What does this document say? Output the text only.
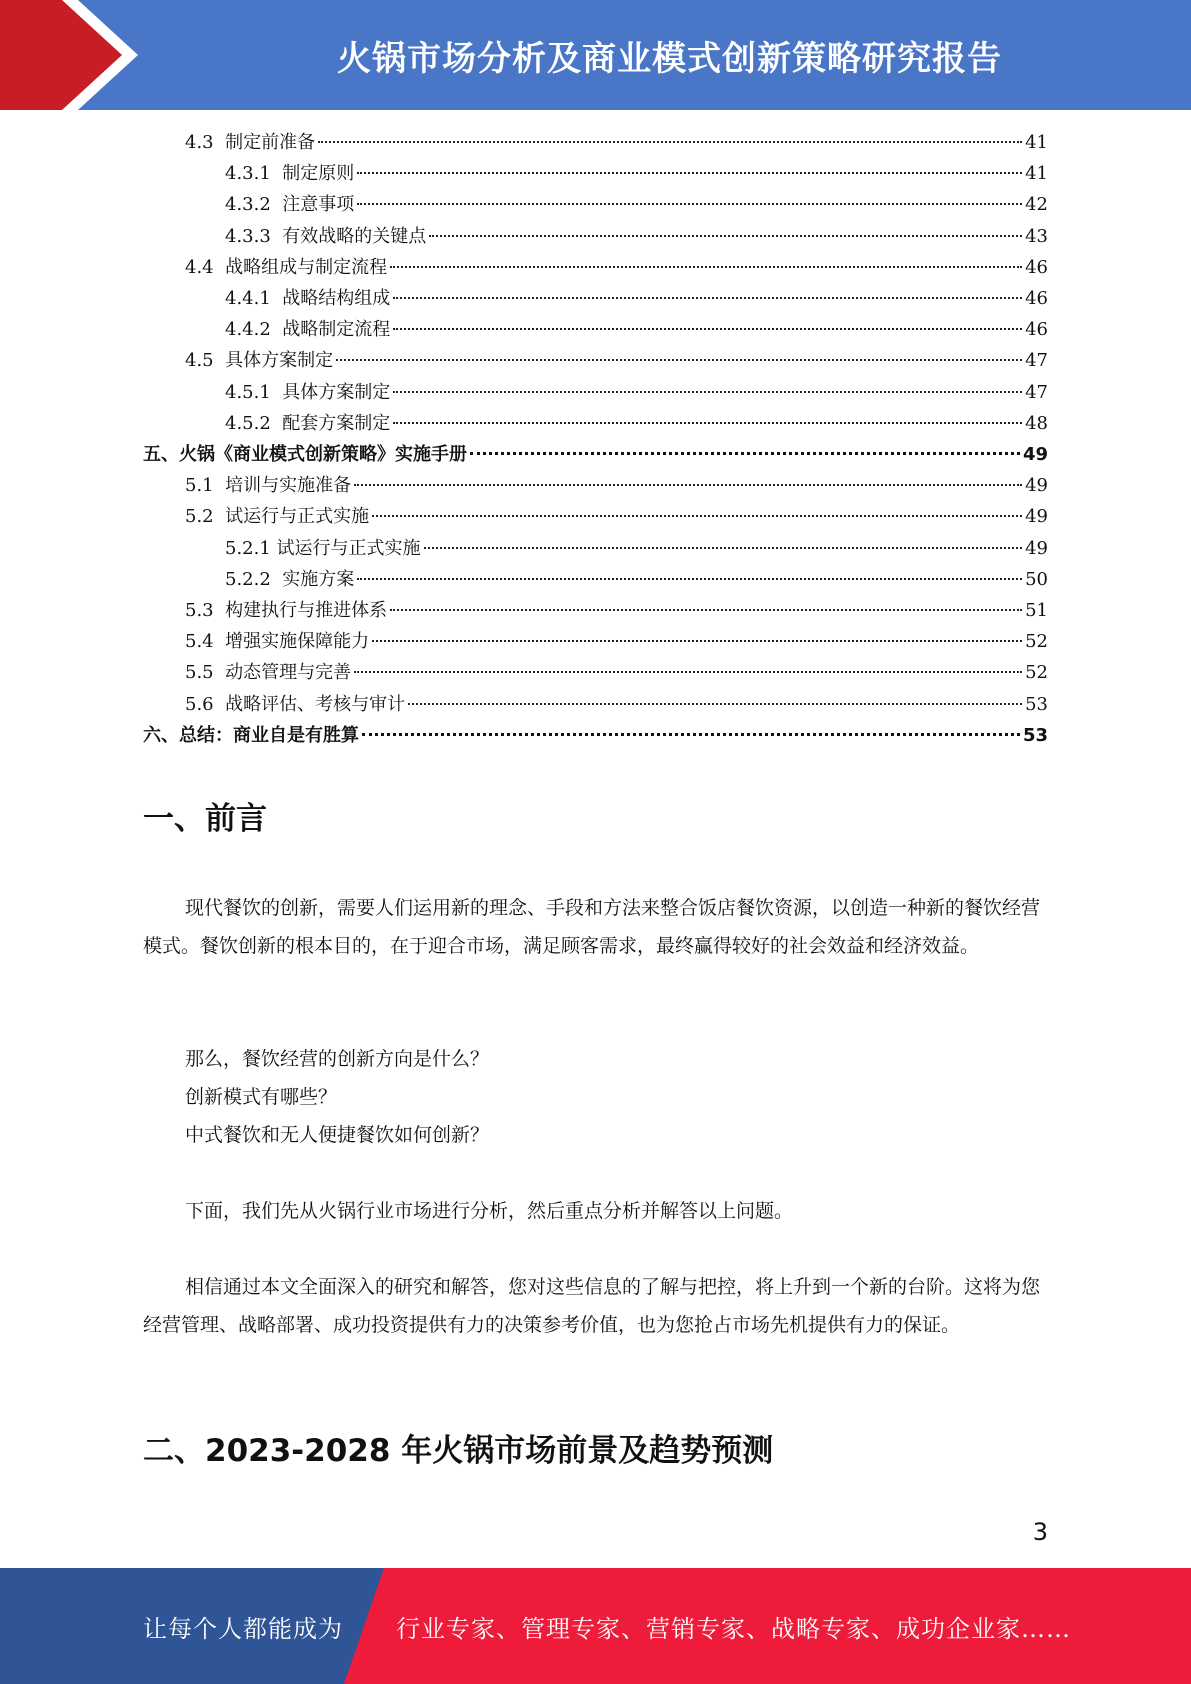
火锅市场分析及商业模式创新策略研究报告
4.3 制定前准备	41
4.3.1 制定原则	41
4.3.2 注意事项	42
4.3.3 有效战略的关键点	43
4.4 战略组成与制定流程	46
4.4.1 战略结构组成	46
4.4.2 战略制定流程	46
4.5 具体方案制定	47
4.5.1 具体方案制定	47
4.5.2 配套方案制定	48
五、火锅《商业模式创新策略》实施手册	49
5.1 培训与实施准备	49
5.2 试运行与正式实施	49
5.2.1 试运行与正式实施	49
5.2.2 实施方案	50
5.3 构建执行与推进体系	51
5.4 增强实施保障能力	52
5.5 动态管理与完善	52
5.6 战略评估、考核与审计	53
六、总结：商业自是有胜算	53
一、前言

现代餐饮的创新，需要人们运用新的理念、手段和方法来整合饭店餐饮资源，以创造一种新的餐饮经营模式。餐饮创新的根本目的，在于迎合市场，满足顾客需求，最终赢得较好的社会效益和经济效益。

那么，餐饮经营的创新方向是什么？

创新模式有哪些？

中式餐饮和无人便捷餐饮如何创新？

下面，我们先从火锅行业市场进行分析，然后重点分析并解答以上问题。

相信通过本文全面深入的研究和解答，您对这些信息的了解与把控，将上升到一个新的台阶。这将为您经营管理、战略部署、成功投资提供有力的决策参考价值，也为您抢占市场先机提供有力的保证。

二、2023-2028 年火锅市场前景及趋势预测
3
让每个人都能成为 行业专家、管理专家、营销专家、战略专家、成功企业家……
